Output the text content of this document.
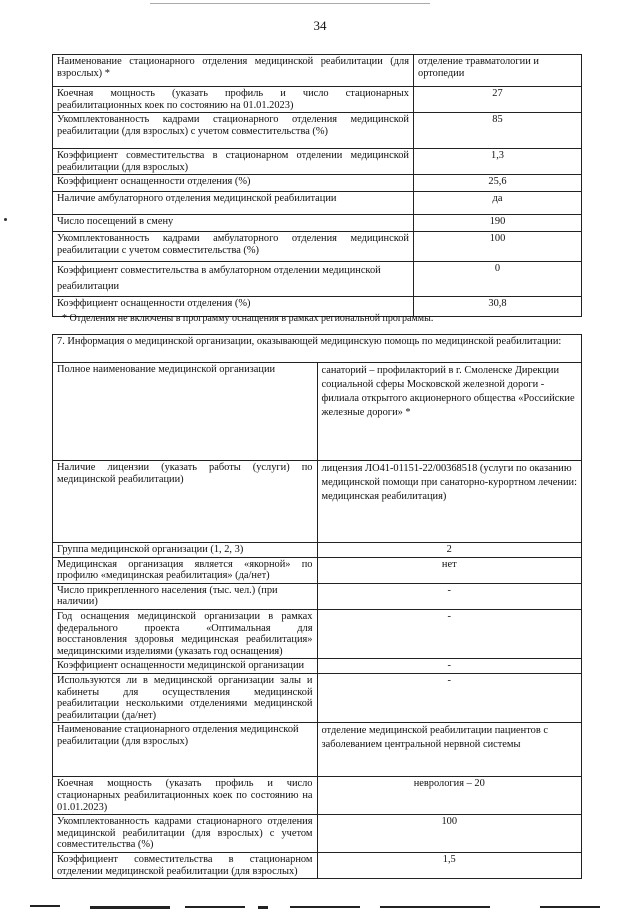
34
Наименование стационарного отделения медицинской реабилитации (для взрослых) *	отделение травматологии и ортопедии
Коечная мощность (указать профиль и число стационарных реабилитационных коек по состоянию на 01.01.2023)	27
Укомплектованность кадрами стационарного отделения медицинской реабилитации (для взрослых) с учетом совместительства (%)	85
Коэффициент совместительства в стационарном отделении медицинской реабилитации (для взрослых)	1,3
Коэффициент оснащенности отделения (%)	25,6
Наличие амбулаторного отделения медицинской реабилитации	да
Число посещений в смену	190
Укомплектованность кадрами амбулаторного отделения медицинской реабилитации с учетом совместительства (%)	100
Коэффициент совместительства в амбулаторном отделении медицинской реабилитации	0
Коэффициент оснащенности отделения (%)	30,8
* Отделения не включены в программу оснащения в рамках региональной программы.
7. Информация о медицинской организации, оказывающей медицинскую помощь по медицинской реабилитации:	
Полное наименование медицинской организации	санаторий – профилакторий в г. Смоленске Дирекции социальной сферы Московской железной дороги - филиала открытого акционерного общества «Российские железные дороги» *
Наличие лицензии (указать работы (услуги) по медицинской реабилитации)	лицензия ЛО41-01151-22/00368518 (услуги по оказанию медицинской помощи при санаторно-курортном лечении: медицинская реабилитация)
Группа медицинской организации (1, 2, 3)	2
Медицинская организация является «якорной» по профилю «медицинская реабилитация» (да/нет)	нет
Число прикрепленного населения (тыс. чел.) (при наличии)	-
Год оснащения медицинской организации в рамках федерального проекта «Оптимальная для восстановления здоровья медицинская реабилитация» медицинскими изделиями (указать год оснащения)	-
Коэффициент оснащенности медицинской организации	-
Используются ли в медицинской организации залы и кабинеты для осуществления медицинской реабилитации несколькими отделениями медицинской реабилитации (да/нет)	-
Наименование стационарного отделения медицинской реабилитации (для взрослых)	отделение медицинской реабилитации пациентов с заболеванием центральной нервной системы
Коечная мощность (указать профиль и число стационарных реабилитационных коек по состоянию на 01.01.2023)	неврология – 20
Укомплектованность кадрами стационарного отделения медицинской реабилитации (для взрослых) с учетом совместительства (%)	100
Коэффициент совместительства в стационарном отделении медицинской реабилитации (для взрослых)	1,5
